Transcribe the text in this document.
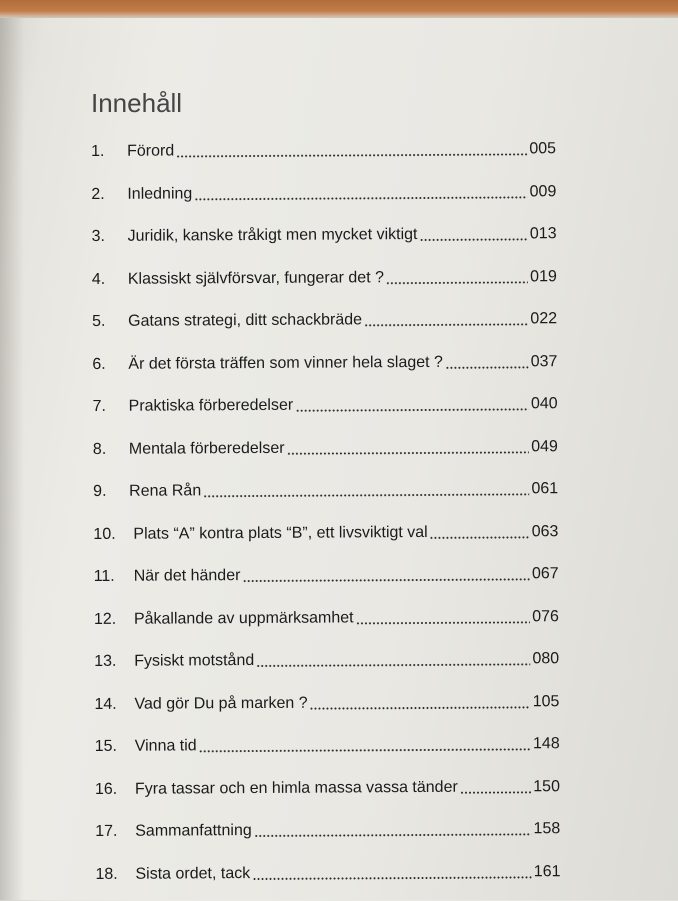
Innehåll
1.	Förord	005
2.	Inledning	009
3.	Juridik, kanske tråkigt men mycket viktigt	013
4.	Klassiskt självförsvar, fungerar det ?	019
5.	Gatans strategi, ditt schackbräde	022
6.	Är det första träffen som vinner hela slaget ?	037
7.	Praktiska förberedelser	040
8.	Mentala förberedelser	049
9.	Rena Rån	061
10.	Plats “A” kontra plats “B”, ett livsviktigt val	063
11.	När det händer	067
12.	Påkallande av uppmärksamhet	076
13.	Fysiskt motstånd	080
14.	Vad gör Du på marken ?	105
15.	Vinna tid	148
16.	Fyra tassar och en himla massa vassa tänder	150
17.	Sammanfattning	158
18.	Sista ordet, tack	161
